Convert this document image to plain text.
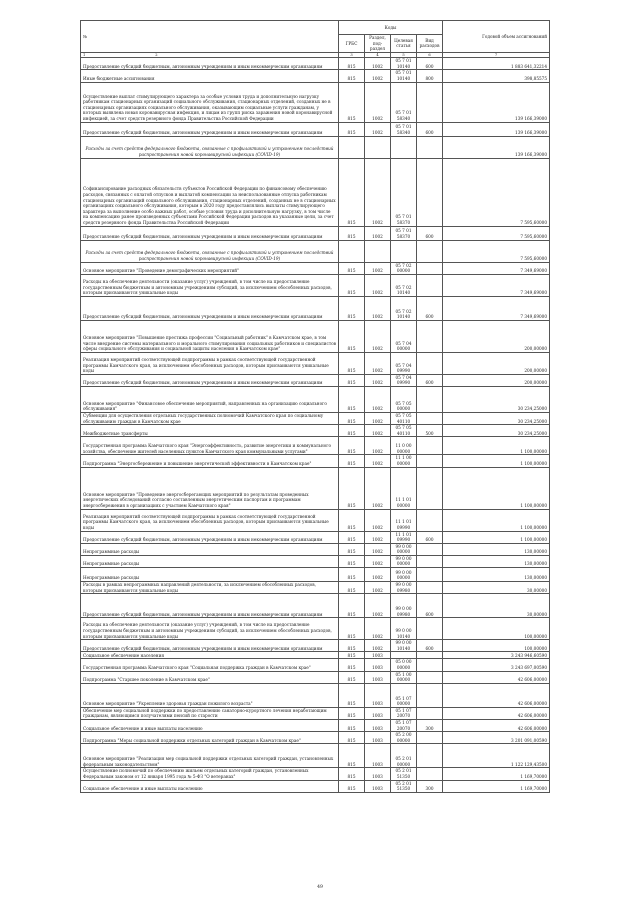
№	Коды				Годовой объем ассигнований
	ГРБС	Раздел, под-раздел	Целевая статья	Вид расходов	
1 2	3	4	5	6	7
Предоставление субсидий бюджетным, автономным учреждениям и иным некоммерческим организациям	815	1002	05 7 01 10140	600	1 883 641,32214
Иные бюджетные ассигнования	815	1002	05 7 01 10140	800	398,85575
Осуществление выплат стимулирующего характера за особые условия труда и дополнительную нагрузку работникам стационарных организаций социального обслуживания, стационарных отделений, созданных не в стационарных организациях социального обслуживания, оказывающим социальные услуги гражданам, у которых выявлена новая коронавирусная инфекция, и лицам из групп риска заражения новой коронавирусной инфекцией, за счет средств резервного фонда Правительства Российской Федерации	815	1002	05 7 01 58340		139 166,39000
Предоставление субсидий бюджетным, автономным учреждениям и иным некоммерческим организациям	815	1002	05 7 01 58340	600	139 166,39000
Расходы за счет средств федерального бюджета, связанные с профилактикой и устранением последствий распространения новой коронавирусной инфекции (COVID-19)					139 166,39000
Софинансирование расходных обязательств субъектов Российской Федерации по финансовому обеспечению расходов, связанных с оплатой отпусков и выплатой компенсации за неиспользованные отпуска работникам стационарных организаций социального обслуживания, стационарных отделений, созданных не в стационарных организациях социального обслуживания, которым в 2020 году предоставлялись выплаты стимулирующего характера за выполнение особо важных работ, особые условия труда и дополнительную нагрузку, в том числе на компенсацию ранее произведенных субъектами Российской Федерации расходов на указанные цели, за счет средств резервного фонда Правительства Российской Федерации	815	1002	05 7 01 58370		7 595,60000
Предоставление субсидий бюджетным, автономным учреждениям и иным некоммерческим организациям	815	1002	05 7 01 58370	600	7 595,60000
Расходы за счет средств федерального бюджета, связанные с профилактикой и устранением последствий распространения новой коронавирусной инфекции (COVID-19)					7 595,60000
Основное мероприятие "Проведение демографических мероприятий"	815	1002	05 7 02 00000		7 349,69000
Расходы на обеспечение деятельности (оказание услуг) учреждений, в том числе на предоставление государственным бюджетным и автономным учреждениям субсидий, за исключением обособленных расходов, которым присваиваются уникальные коды	815	1002	05 7 02 10140		7 349,69000
Предоставление субсидий бюджетным, автономным учреждениям и иным некоммерческим организациям	815	1002	05 7 02 10140	600	7 349,69000
Основное мероприятие "Повышение престижа профессии "Социальный работник" в Камчатском крае, в том числе внедрение системы материального и морального стимулирования социальных работников и специалистов сферы социального обслуживания и социальной защиты населения в Камчатском крае"	815	1002	05 7 04 00000		200,00000
Реализация мероприятий соответствующей подпрограммы в рамках соответствующей государственной программы Камчатского края, за исключением обособленных расходов, которым присваиваются уникальные коды	815	1002	05 7 04 09990		200,00000
Предоставление субсидий бюджетным, автономным учреждениям и иным некоммерческим организациям	815	1002	05 7 04 09990	600	200,00000
Основное мероприятие "Финансовое обеспечение мероприятий, направленных на организацию социального обслуживания"	815	1002	05 7 05 00000		30 234,25000
Субвенции для осуществления отдельных государственных полномочий Камчатского края по социальному обслуживанию граждан в Камчатском крае	815	1002	05 7 05 40110		30 234,25000
Межбюджетные трансферты	815	1002	05 7 05 40110	500	30 234,25000
Государственная программа Камчатского края "Энергоэффективность, развитие энергетики и коммунального хозяйства, обеспечение жителей населенных пунктов Камчатского края коммунальными услугами"	815	1002	11 0 00 00000		1 100,00000
Подпрограмма "Энергосбережение и повышение энергетической эффективности в Камчатском крае"	815	1002	11 1 00 00000		1 100,00000
Основное мероприятие "Проведение энергосберегающих мероприятий по результатам проведенных энергетических обследований согласно составленным энергетическим паспортам и программам энергосбережения в организациях с участием Камчатского края"	815	1002	11 1 01 00000		1 100,00000
Реализация мероприятий соответствующей подпрограммы в рамках соответствующей государственной программы Камчатского края, за исключением обособленных расходов, которым присваиваются уникальные коды	815	1002	11 1 01 09990		1 100,00000
Предоставление субсидий бюджетным, автономным учреждениям и иным некоммерческим организациям	815	1002	11 1 01 09990	600	1 100,00000
Непрограммные расходы	815	1002	99 0 00 00000		130,00000
Непрограммные расходы	815	1002	99 0 00 00000		130,00000
Непрограммные расходы	815	1002	99 0 00 00000		130,00000
Расходы в рамках непрограммных направлений деятельности, за исключением обособленных расходов, которым присваиваются уникальные коды	815	1002	99 0 00 09980		30,00000
Предоставление субсидий бюджетным, автономным учреждениям и иным некоммерческим организациям	815	1002	99 0 00 09980	600	30,00000
Расходы на обеспечение деятельности (оказание услуг) учреждений, в том числе на предоставление государственным бюджетным и автономным учреждениям субсидий, за исключением обособленных расходов, которым присваиваются уникальные коды	815	1002	99 0 00 10140		100,00000
Предоставление субсидий бюджетным, автономным учреждениям и иным некоммерческим организациям	815	1002	99 0 00 10140	600	100,00000
Социальное обеспечение населения	815	1003			3 243 946,60590
Государственная программа Камчатского края "Социальная поддержка граждан в Камчатском крае"	815	1003	05 0 00 00000		3 243 697,00590
Подпрограмма "Старшее поколение в Камчатском крае"	815	1003	05 1 00 00000		42 606,00000
Основное мероприятие "Укрепление здоровья граждан пожилого возраста"	815	1003	05 1 07 00000		42 606,00000
Обеспечение мер социальной поддержки по предоставлению санаторно-курортного лечения неработающим гражданам, являющимся получателями пенсий по старости	815	1003	05 1 07 20070		42 606,00000
Социальное обеспечение и иные выплаты населению	815	1003	05 1 07 20070	300	42 606,00000
Подпрограмма "Меры социальной поддержки отдельных категорий граждан в Камчатском крае"	815	1003	05 2 00 00000		3 201 091,00590
Основное мероприятие "Реализация мер социальной поддержки отдельных категорий граждан, установленных федеральным законодательством"	815	1003	05 2 01 00000		1 122 129,43500
Осуществление полномочий по обеспечению жильем отдельных категорий граждан, установленных Федеральным законом от 12 января 1995 года № 5-ФЗ "О ветеранах"	815	1003	05 2 01 51350		1 169,70000
Социальное обеспечение и иные выплаты населению	815	1003	05 2 01 51350	300	1 169,70000
49
